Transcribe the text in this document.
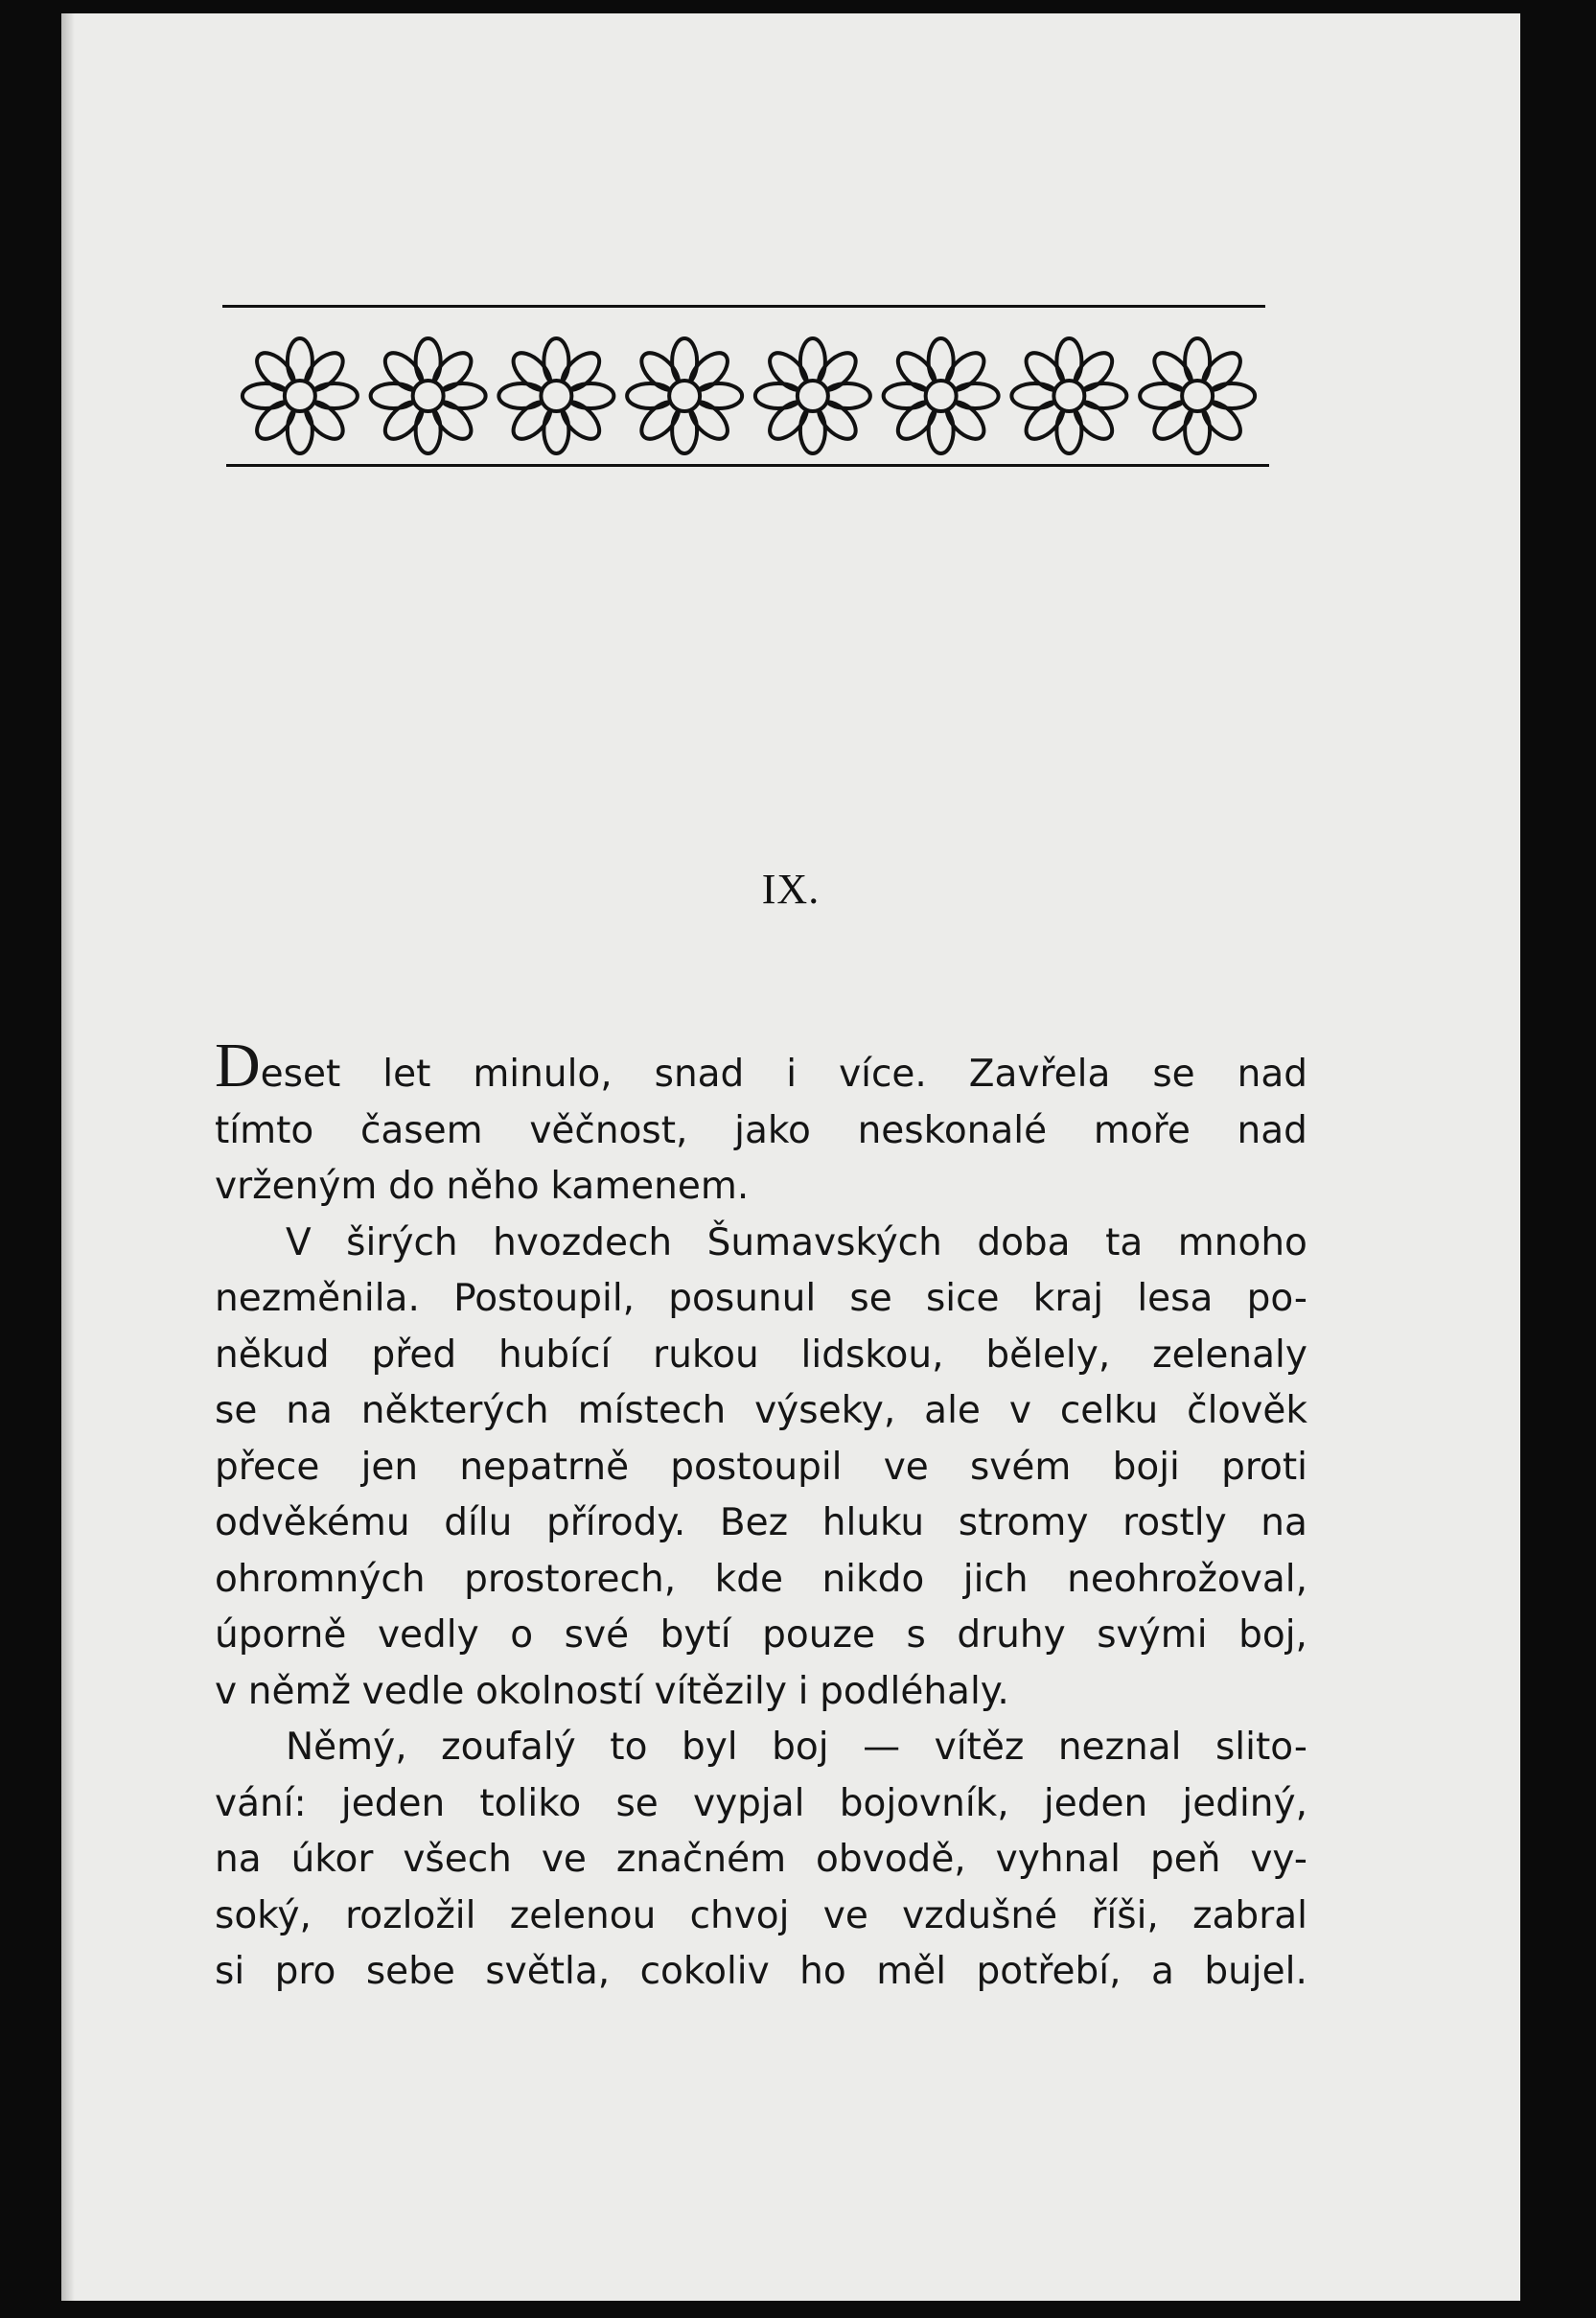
IX.
Deset let minulo, snad i více. Zavřela se nad
tímto časem věčnost, jako neskonalé moře nad
vrženým do něho kamenem.
V širých hvozdech Šumavských doba ta mnoho
nezměnila. Postoupil, posunul se sice kraj lesa po-
někud před hubící rukou lidskou, bělely, zelenaly
se na některých místech výseky, ale v celku člověk
přece jen nepatrně postoupil ve svém boji proti
odvěkému dílu přírody. Bez hluku stromy rostly na
ohromných prostorech, kde nikdo jich neohrožoval,
úporně vedly o své bytí pouze s druhy svými boj,
v němž vedle okolností vítězily i podléhaly.
Němý, zoufalý to byl boj — vítěz neznal slito-
vání: jeden toliko se vypjal bojovník, jeden jediný,
na úkor všech ve značném obvodě, vyhnal peň vy-
soký, rozložil zelenou chvoj ve vzdušné říši, zabral
si pro sebe světla, cokoliv ho měl potřebí, a bujel.
